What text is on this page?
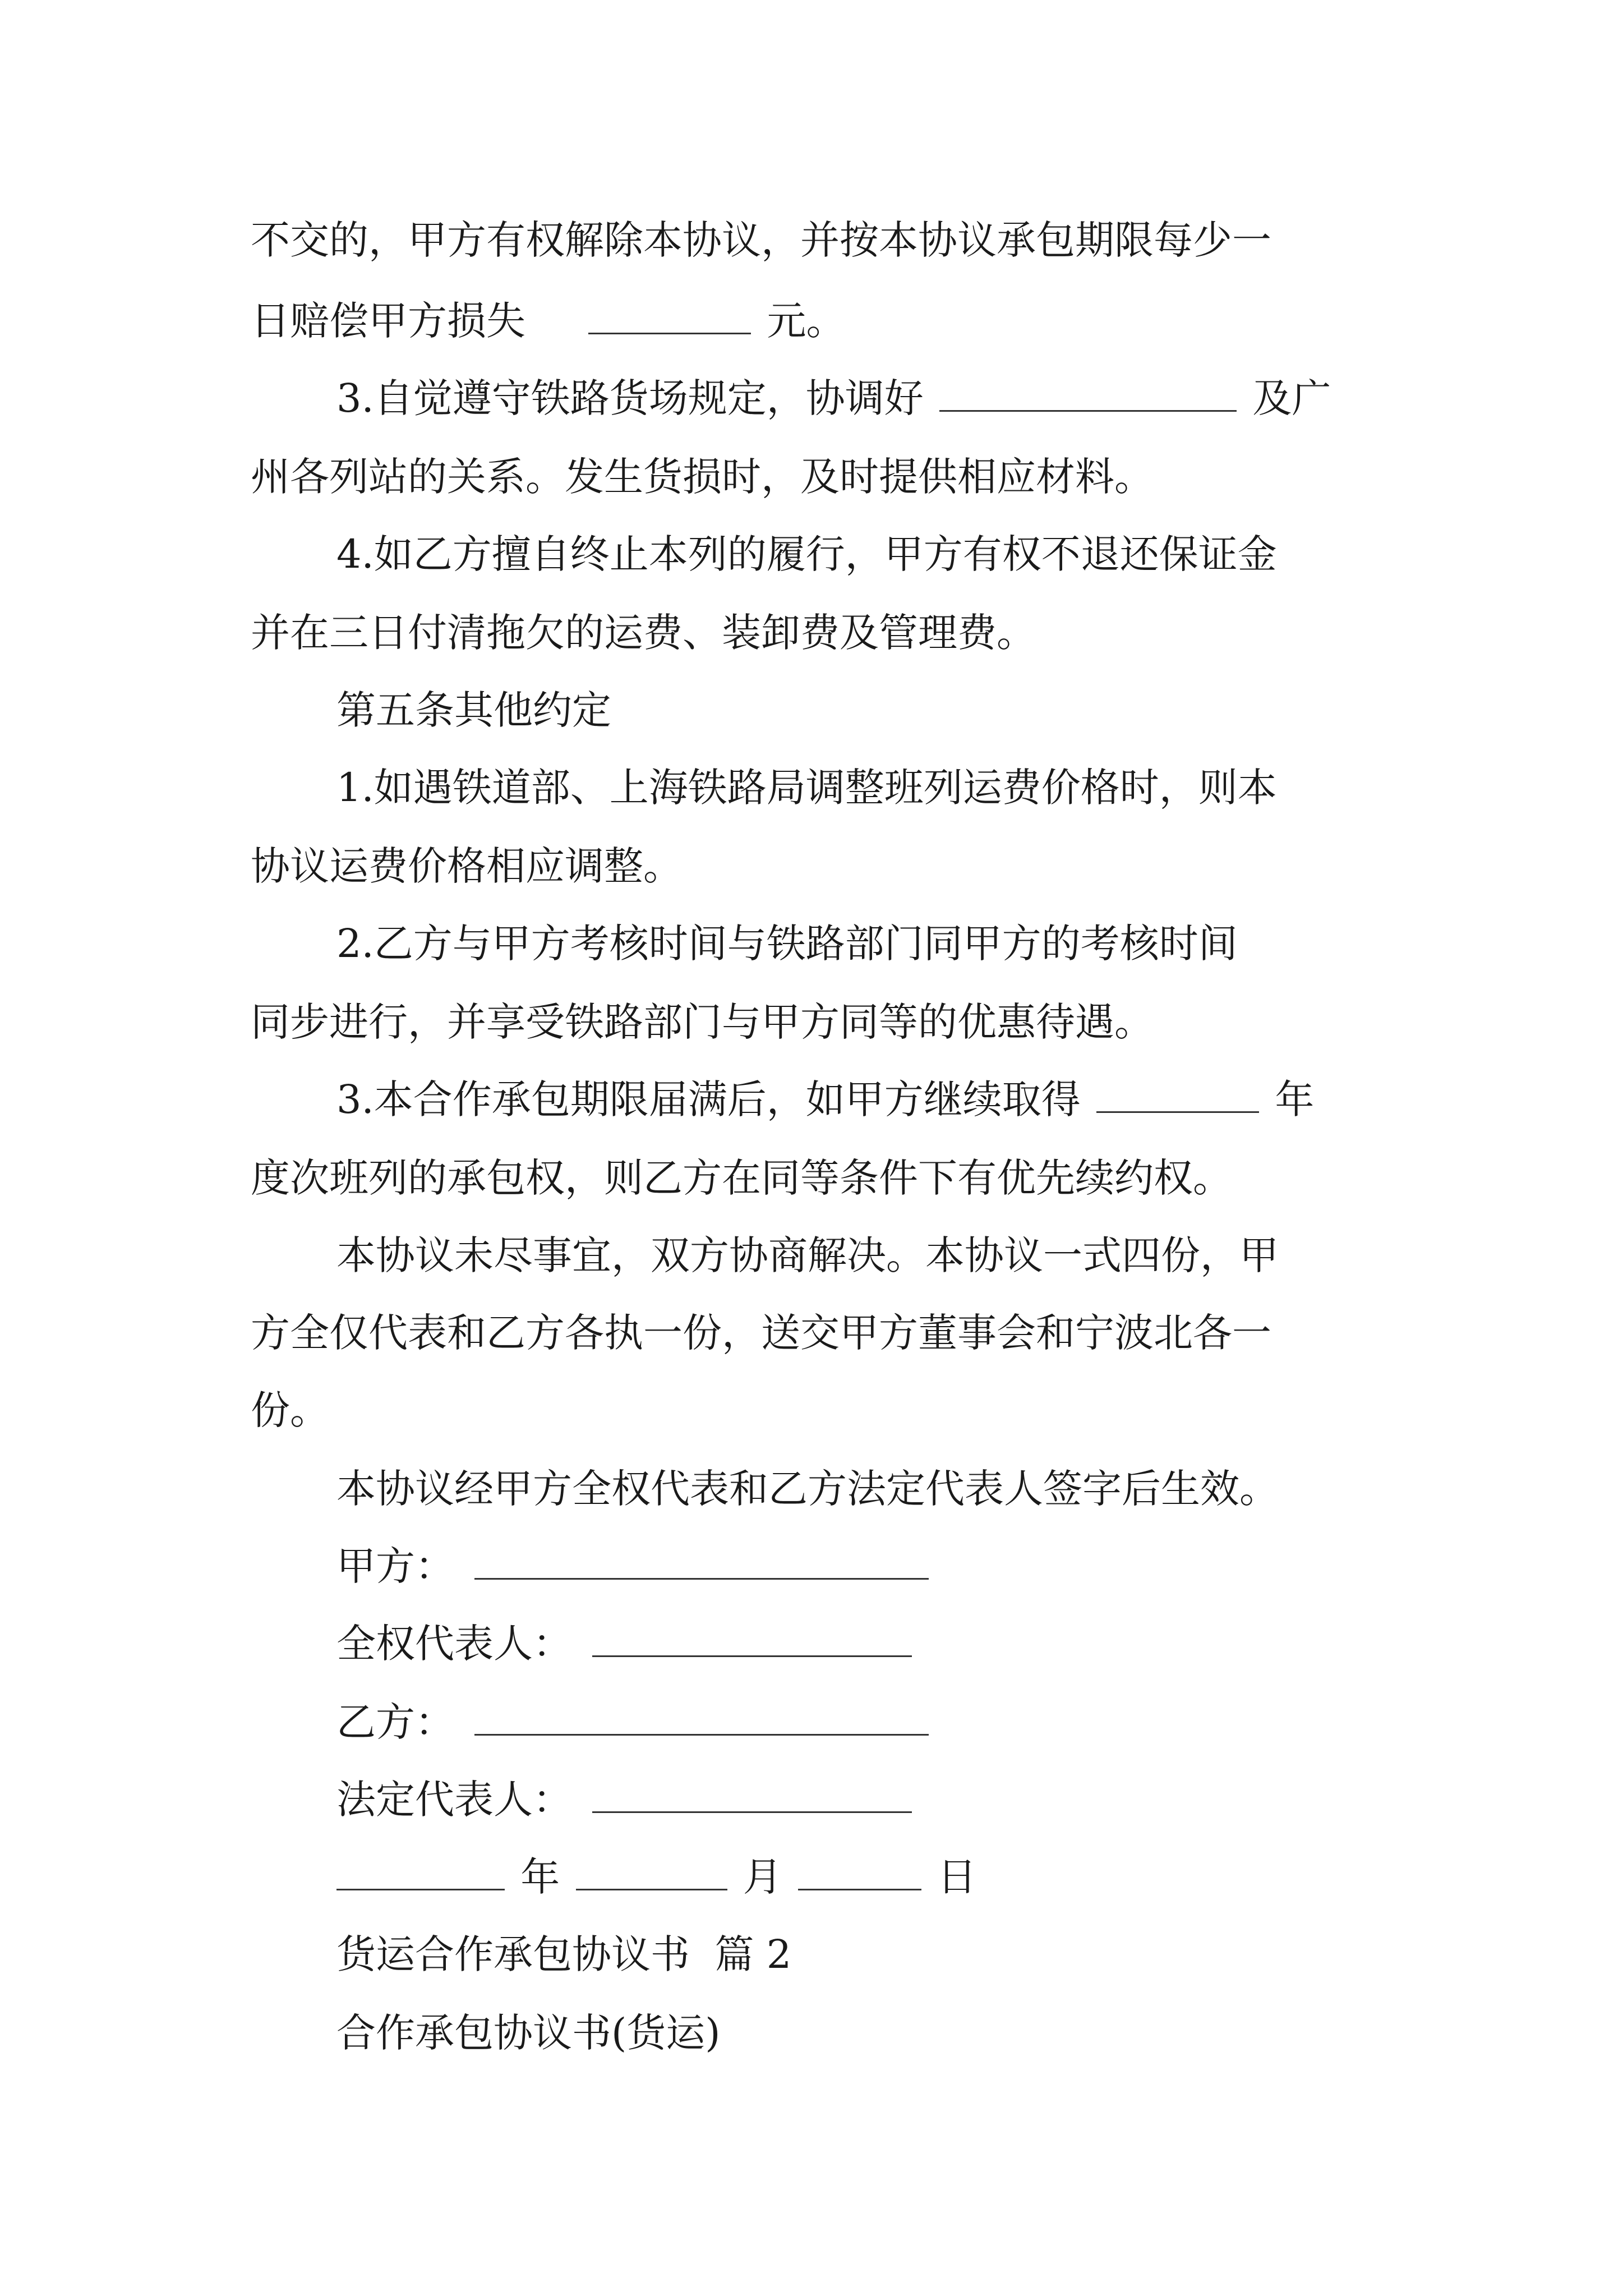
不交的，甲方有权解除本协议，并按本协议承包期限每少一
日赔偿甲方损失	元。
3.自觉遵守铁路货场规定，协调好	及广
州各列站的关系。发生货损时，及时提供相应材料。
4.如乙方擅自终止本列的履行，甲方有权不退还保证金
并在三日付清拖欠的运费、装卸费及管理费。
第五条其他约定
1.如遇铁道部、上海铁路局调整班列运费价格时，则本
协议运费价格相应调整。
2.乙方与甲方考核时间与铁路部门同甲方的考核时间
同步进行，并享受铁路部门与甲方同等的优惠待遇。
3.本合作承包期限届满后，如甲方继续取得	年
度次班列的承包权，则乙方在同等条件下有优先续约权。
本协议未尽事宜，双方协商解决。本协议一式四份，甲
方全仅代表和乙方各执一份，送交甲方董事会和宁波北各一
份。
本协议经甲方全权代表和乙方法定代表人签字后生效。
甲方：
全权代表人：
乙方：
法定代表人：
年	月	日
货运合作承包协议书  篇 2
合作承包协议书(货运)
